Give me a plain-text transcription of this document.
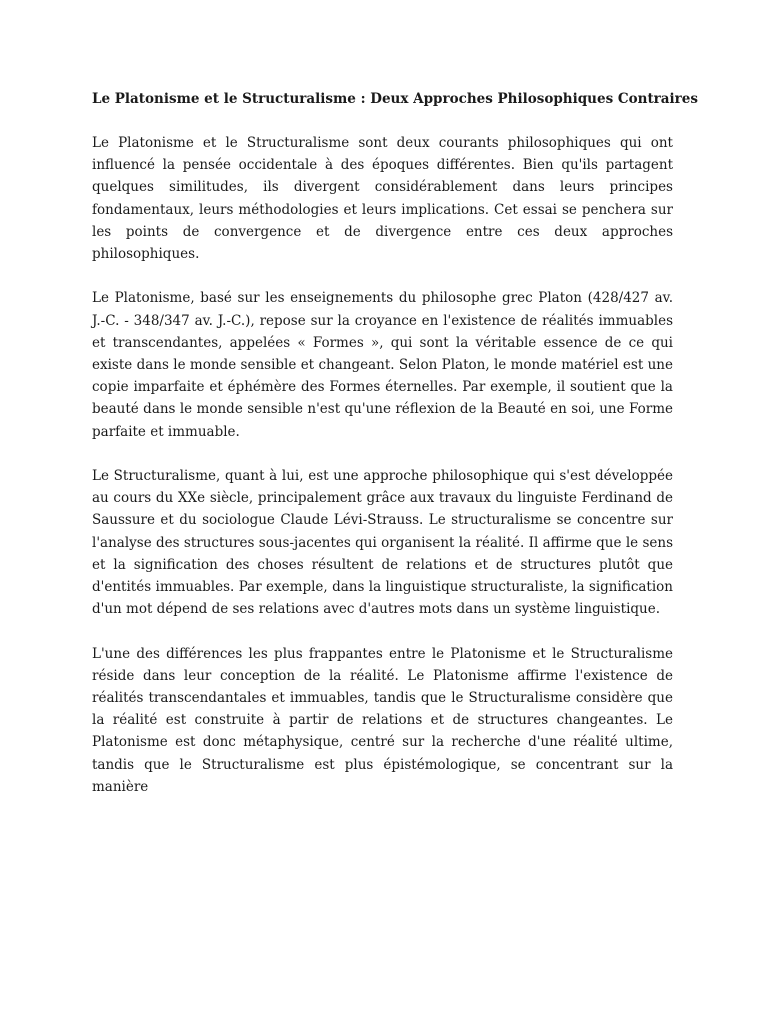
Le Platonisme et le Structuralisme : Deux Approches Philosophiques Contraires

Le Platonisme et le Structuralisme sont deux courants philosophiques qui ont influencé la pensée occidentale à des époques différentes. Bien qu'ils partagent quelques similitudes, ils divergent considérablement dans leurs principes fondamentaux, leurs méthodologies et leurs implications. Cet essai se penchera sur les points de convergence et de divergence entre ces deux approches philosophiques.

Le Platonisme, basé sur les enseignements du philosophe grec Platon (428/427 av. J.-C. - 348/347 av. J.-C.), repose sur la croyance en l'existence de réalités immuables et transcendantes, appelées « Formes », qui sont la véritable essence de ce qui existe dans le monde sensible et changeant. Selon Platon, le monde matériel est une copie imparfaite et éphémère des Formes éternelles. Par exemple, il soutient que la beauté dans le monde sensible n'est qu'une réflexion de la Beauté en soi, une Forme parfaite et immuable.

Le Structuralisme, quant à lui, est une approche philosophique qui s'est développée au cours du XXe siècle, principalement grâce aux travaux du linguiste Ferdinand de Saussure et du sociologue Claude Lévi-Strauss. Le structuralisme se concentre sur l'analyse des structures sous-jacentes qui organisent la réalité. Il affirme que le sens et la signification des choses résultent de relations et de structures plutôt que d'entités immuables. Par exemple, dans la linguistique structuraliste, la signification d'un mot dépend de ses relations avec d'autres mots dans un système linguistique.

L'une des différences les plus frappantes entre le Platonisme et le Structuralisme réside dans leur conception de la réalité. Le Platonisme affirme l'existence de réalités transcendantales et immuables, tandis que le Structuralisme considère que la réalité est construite à partir de relations et de structures changeantes. Le Platonisme est donc métaphysique, centré sur la recherche d'une réalité ultime, tandis que le Structuralisme est plus épistémologique, se concentrant sur la manière
